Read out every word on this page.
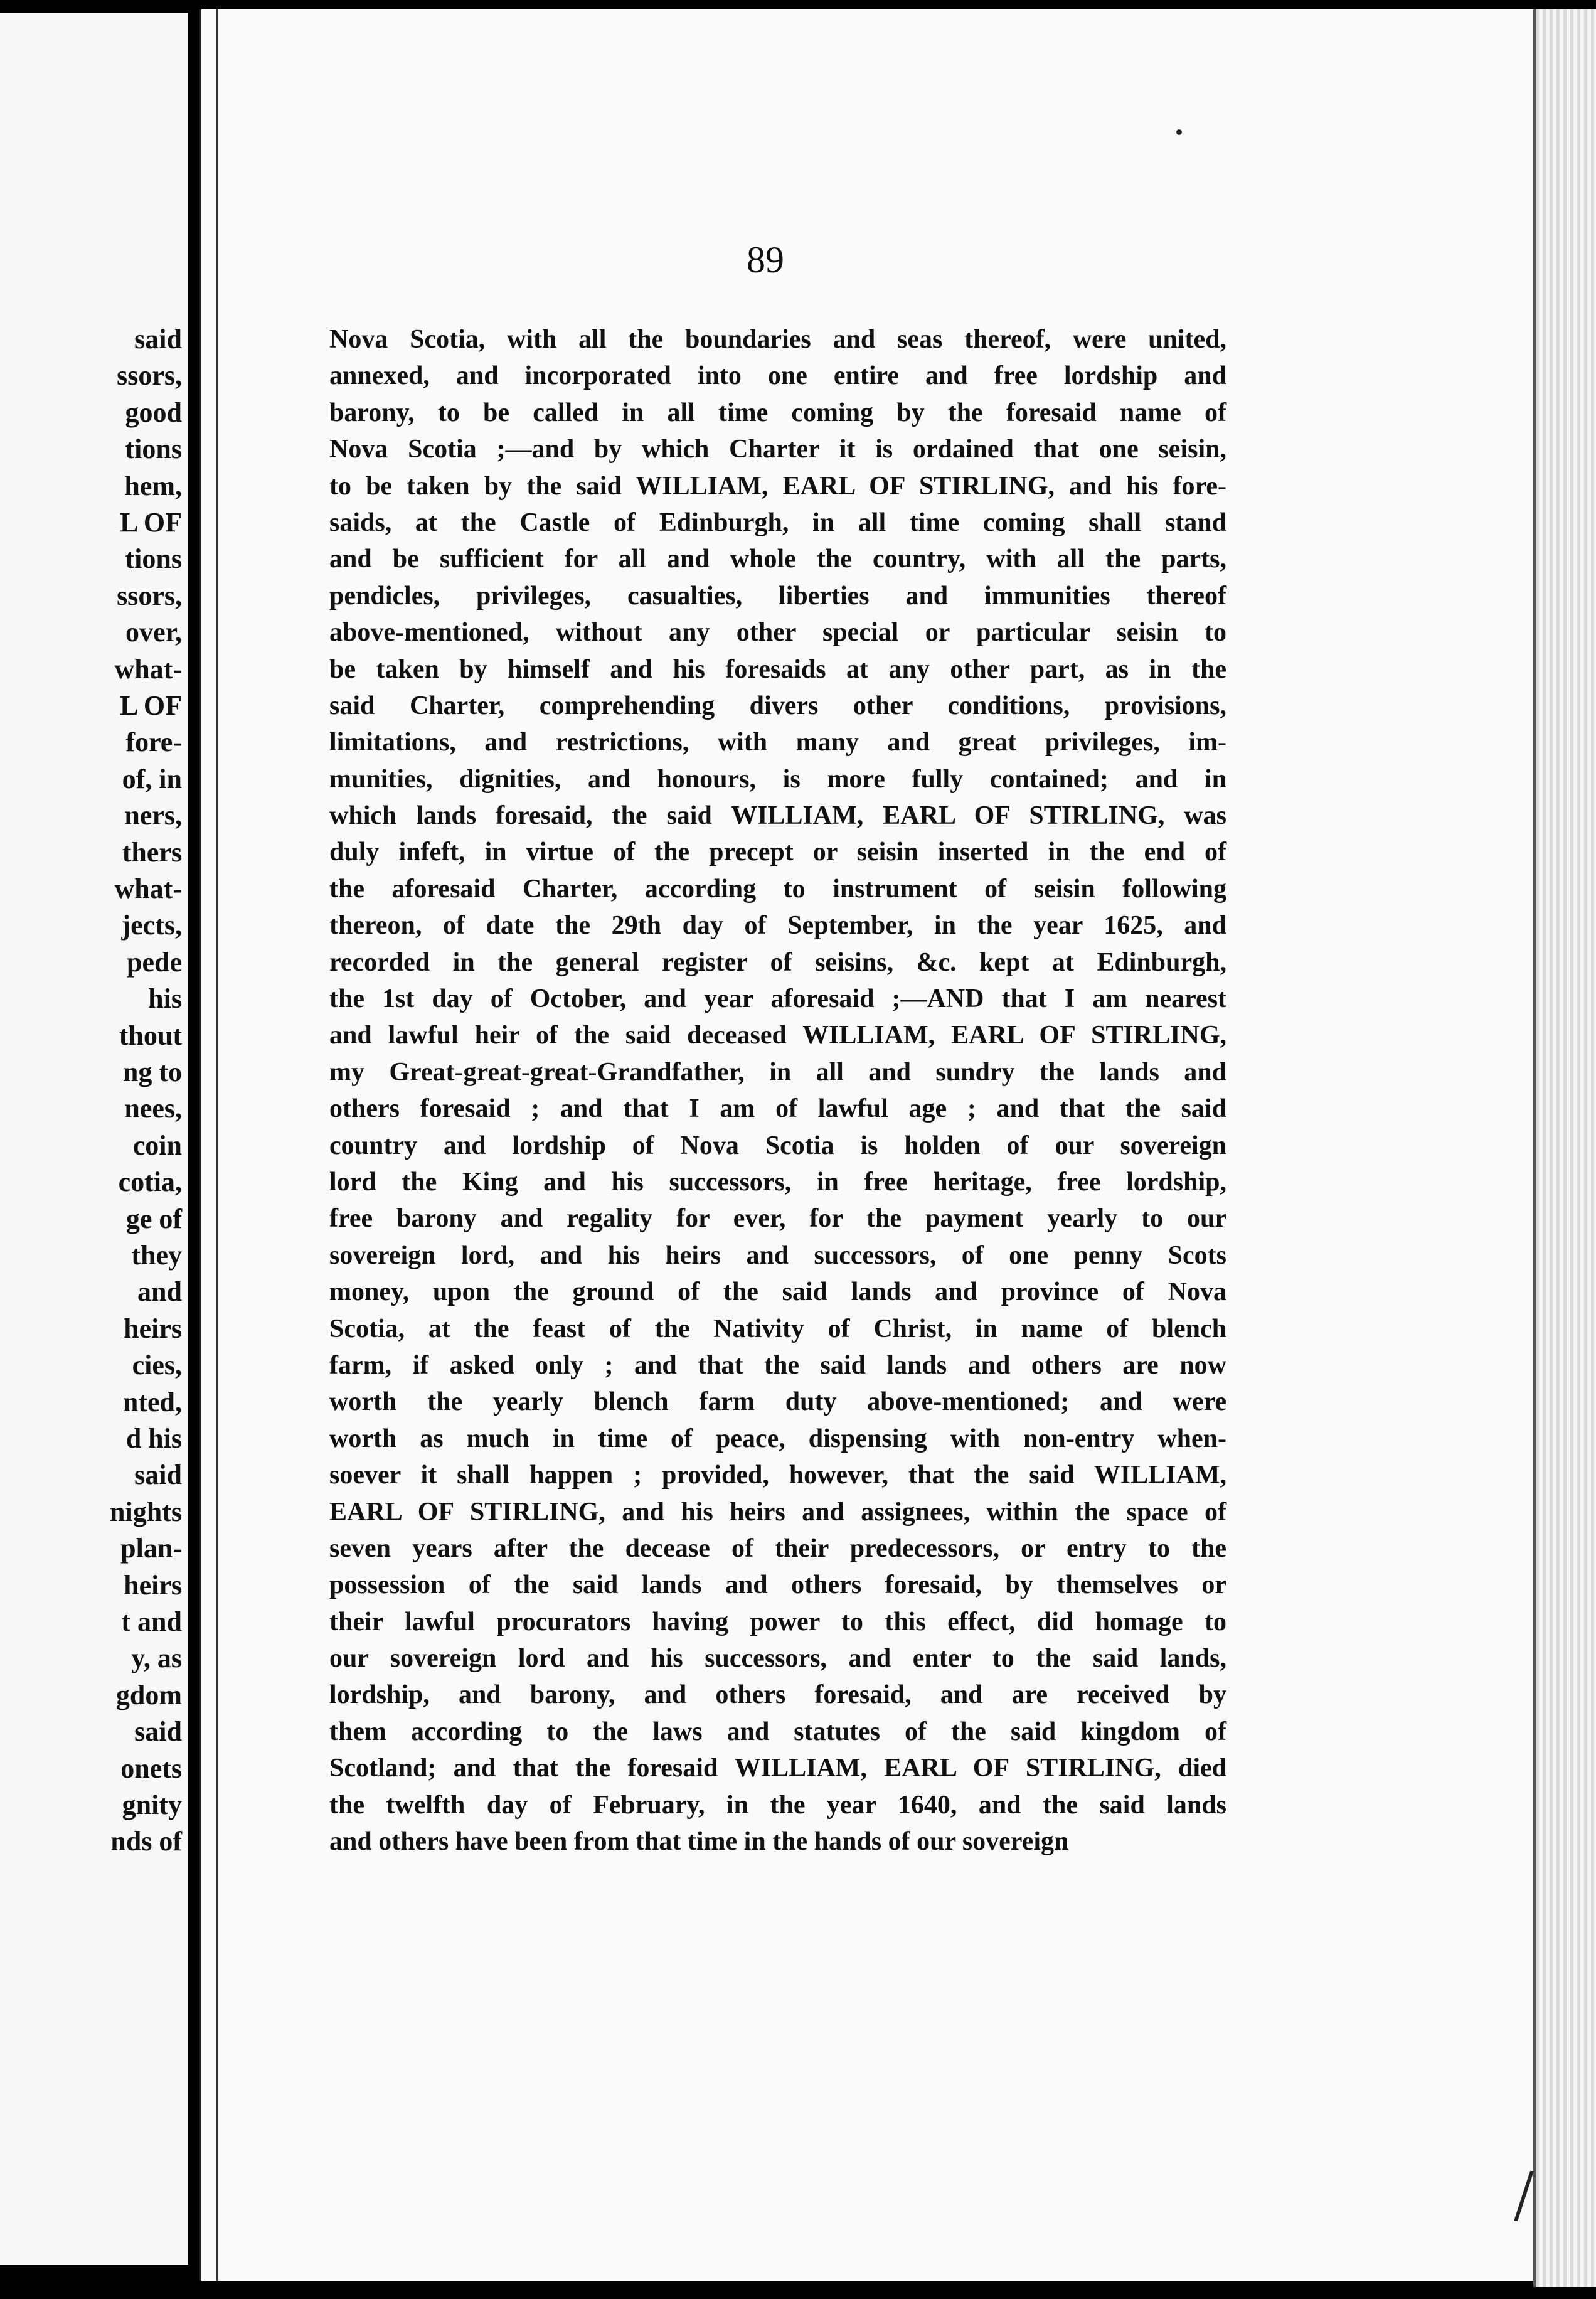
said
ssors,
good
tions
hem,
L OF
tions
ssors,
over,
what-
L OF
fore-
of, in
ners,
thers
what-
jects,
pede
his
thout
ng to
nees,
coin
cotia,
ge of
they
and
heirs
cies,
nted,
d his
said
nights
plan-
heirs
t and
y, as
gdom
said
onets
gnity
nds of
89
Nova Scotia, with all the boundaries and seas thereof, were united,
annexed, and incorporated into one entire and free lordship and
barony, to be called in all time coming by the foresaid name of
Nova Scotia ;—and by which Charter it is ordained that one seisin,
to be taken by the said WILLIAM, EARL OF STIRLING, and his fore-
saids, at the Castle of Edinburgh, in all time coming shall stand
and be sufficient for all and whole the country, with all the parts,
pendicles, privileges, casualties, liberties and immunities thereof
above-mentioned, without any other special or particular seisin to
be taken by himself and his foresaids at any other part, as in the
said Charter, comprehending divers other conditions, provisions,
limitations, and restrictions, with many and great privileges, im-
munities, dignities, and honours, is more fully contained; and in
which lands foresaid, the said WILLIAM, EARL OF STIRLING, was
duly infeft, in virtue of the precept or seisin inserted in the end of
the aforesaid Charter, according to instrument of seisin following
thereon, of date the 29th day of September, in the year 1625, and
recorded in the general register of seisins, &c. kept at Edinburgh,
the 1st day of October, and year aforesaid ;—AND that I am nearest
and lawful heir of the said deceased WILLIAM, EARL OF STIRLING,
my Great-great-great-Grandfather, in all and sundry the lands and
others foresaid ; and that I am of lawful age ; and that the said
country and lordship of Nova Scotia is holden of our sovereign
lord the King and his successors, in free heritage, free lordship,
free barony and regality for ever, for the payment yearly to our
sovereign lord, and his heirs and successors, of one penny Scots
money, upon the ground of the said lands and province of Nova
Scotia, at the feast of the Nativity of Christ, in name of blench
farm, if asked only ; and that the said lands and others are now
worth the yearly blench farm duty above-mentioned; and were
worth as much in time of peace, dispensing with non-entry when-
soever it shall happen ; provided, however, that the said WILLIAM,
EARL OF STIRLING, and his heirs and assignees, within the space of
seven years after the decease of their predecessors, or entry to the
possession of the said lands and others foresaid, by themselves or
their lawful procurators having power to this effect, did homage to
our sovereign lord and his successors, and enter to the said lands,
lordship, and barony, and others foresaid, and are received by
them according to the laws and statutes of the said kingdom of
Scotland; and that the foresaid WILLIAM, EARL OF STIRLING, died
the twelfth day of February, in the year 1640, and the said lands
and others have been from that time in the hands of our sovereign
